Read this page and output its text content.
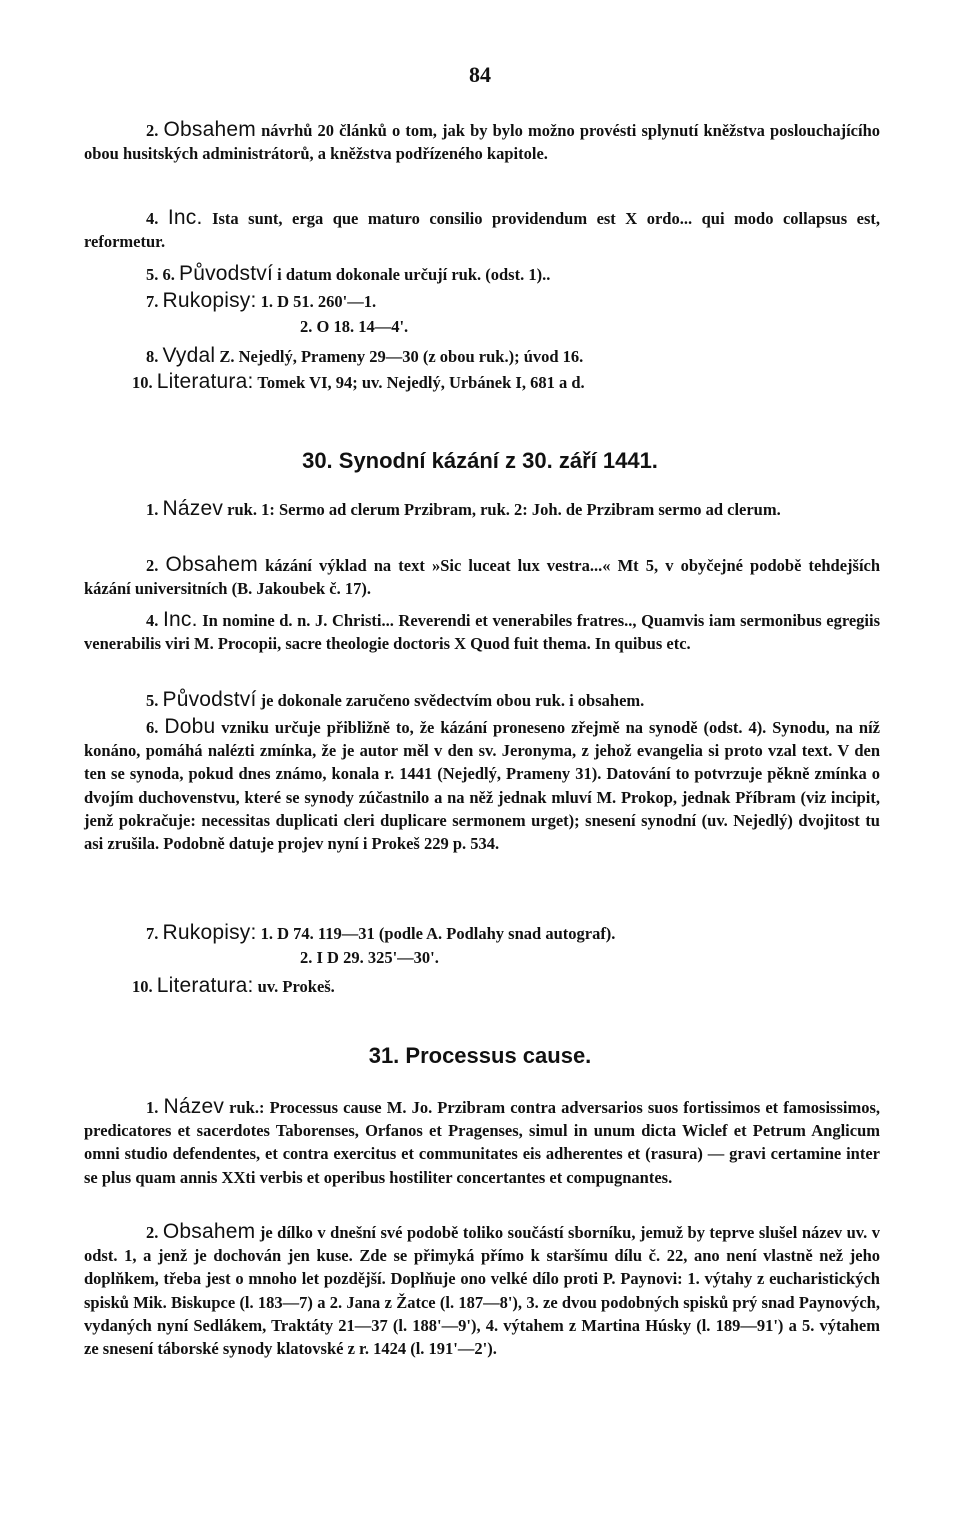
84
2. Obsahem návrhů 20 článků o tom, jak by bylo možno provésti splynutí kněžstva poslouchajícího obou husitských administrátorů, a kněžstva podřízeného kapitole.
4. Inc. Ista sunt, erga que maturo consilio providendum est X ordo... qui modo collapsus est, reformetur.
5. 6. Původství i datum dokonale určují ruk. (odst. 1)..
7. Rukopisy: 1. D 51. 260'—1.
2. O 18. 14—4'.
8. Vydal Z. Nejedlý, Prameny 29—30 (z obou ruk.); úvod 16.
10. Literatura: Tomek VI, 94; uv. Nejedlý, Urbánek I, 681 a d.
30. Synodní kázání z 30. září 1441.
1. Název ruk. 1: Sermo ad clerum Przibram, ruk. 2: Joh. de Przibram sermo ad clerum.
2. Obsahem kázání výklad na text »Sic luceat lux vestra...« Mt 5, v obyčejné podobě tehdejších kázání universitních (B. Jakoubek č. 17).
4. Inc. In nomine d. n. J. Christi... Reverendi et venerabiles fratres.., Quamvis iam sermonibus egregiis venerabilis viri M. Procopii, sacre theologie doctoris X Quod fuit thema. In quibus etc.
5. Původství je dokonale zaručeno svědectvím obou ruk. i obsahem.
6. Dobu vzniku určuje přibližně to, že kázání proneseno zřejmě na synodě (odst. 4). Synodu, na níž konáno, pomáhá nalézti zmínka, že je autor měl v den sv. Jeronyma, z jehož evangelia si proto vzal text. V den ten se synoda, pokud dnes známo, konala r. 1441 (Nejedlý, Prameny 31). Datování to potvrzuje pěkně zmínka o dvojím duchovenstvu, které se synody zúčastnilo a na něž jednak mluví M. Prokop, jednak Příbram (viz incipit, jenž pokračuje: necessitas duplicati cleri duplicare sermonem urget); snesení synodní (uv. Nejedlý) dvojitost tu asi zrušila. Podobně datuje projev nyní i Prokeš 229 p. 534.
7. Rukopisy: 1. D 74. 119—31 (podle A. Podlahy snad autograf).
2. I D 29. 325'—30'.
10. Literatura: uv. Prokeš.
31. Processus cause.
1. Název ruk.: Processus cause M. Jo. Przibram contra adversarios suos fortissimos et famosissimos, predicatores et sacerdotes Taborenses, Orfanos et Pragenses, simul in unum dicta Wiclef et Petrum Anglicum omni studio defendentes, et contra exercitus et communitates eis adherentes et (rasura) — gravi certamine inter se plus quam annis XXti verbis et operibus hostiliter concertantes et compugnantes.
2. Obsahem je dílko v dnešní své podobě toliko součástí sborníku, jemuž by teprve slušel název uv. v odst. 1, a jenž je dochován jen kuse. Zde se přimyká přímo k staršímu dílu č. 22, ano není vlastně než jeho doplňkem, třeba jest o mnoho let pozdější. Doplňuje ono velké dílo proti P. Paynovi: 1. výtahy z eucharistických spisků Mik. Biskupce (l. 183—7) a 2. Jana z Žatce (l. 187—8'), 3. ze dvou podobných spisků prý snad Paynových, vydaných nyní Sedlákem, Traktáty 21—37 (l. 188'—9'), 4. výtahem z Martina Húsky (l. 189—91') a 5. výtahem ze snesení táborské synody klatovské z r. 1424 (l. 191'—2').
